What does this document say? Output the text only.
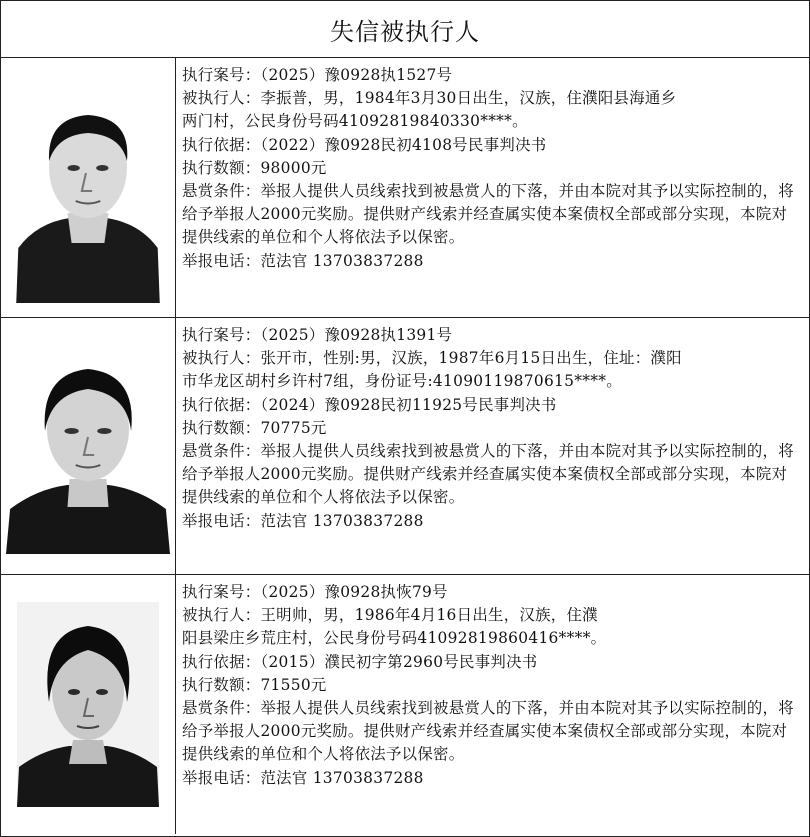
失信被执行人
执行案号：（2025）豫0928执1527号
被执行人：李振普，男，1984年3月30日出生，汉族，住濮阳县海通乡
两门村，公民身份号码41092819840330****。
执行依据：（2022）豫0928民初4108号民事判决书
执行数额：98000元
悬赏条件：举报人提供人员线索找到被悬赏人的下落，并由本院对其予以实际控制的，将给予举报人2000元奖励。提供财产线索并经查属实使本案债权全部或部分实现，本院对提供线索的单位和个人将依法予以保密。
举报电话：范法官 13703837288
执行案号：（2025）豫0928执1391号
被执行人：张开市，性别:男，汉族，1987年6月15日出生，住址：濮阳
市华龙区胡村乡许村7组，身份证号:41090119870615****。
执行依据：（2024）豫0928民初11925号民事判决书
执行数额：70775元
悬赏条件：举报人提供人员线索找到被悬赏人的下落，并由本院对其予以实际控制的，将给予举报人2000元奖励。提供财产线索并经查属实使本案债权全部或部分实现，本院对提供线索的单位和个人将依法予以保密。
举报电话：范法官 13703837288
执行案号：（2025）豫0928执恢79号
被执行人：王明帅，男，1986年4月16日出生，汉族，住濮
阳县梁庄乡荒庄村，公民身份号码41092819860416****。
执行依据：（2015）濮民初字第2960号民事判决书
执行数额：71550元
悬赏条件：举报人提供人员线索找到被悬赏人的下落，并由本院对其予以实际控制的，将给予举报人2000元奖励。提供财产线索并经查属实使本案债权全部或部分实现，本院对提供线索的单位和个人将依法予以保密。
举报电话：范法官 13703837288
